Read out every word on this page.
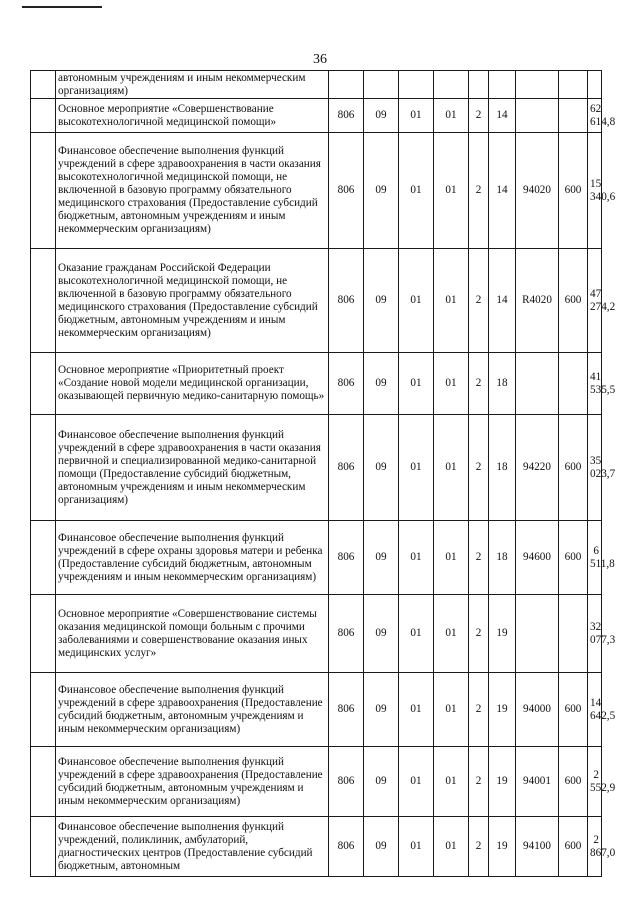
36
	автономным учреждениям и иным некоммерческим организациям)									
	Основное мероприятие «Совершенствование высокотехнологичной медицинской помощи»	806	09	01	01	2	14			62 614,8
	Финансовое обеспечение выполнения функций учреждений в сфере здравоохранения в части оказания высокотехнологичной медицинской помощи, не включенной в базовую программу обязательного медицинского страхования (Предоставление субсидий бюджетным, автономным учреждениям и иным некоммерческим организациям)	806	09	01	01	2	14	94020	600	15 340,6
	Оказание гражданам Российской Федерации высокотехнологичной медицинской помощи, не включенной в базовую программу обязательного медицинского страхования (Предоставление субсидий бюджетным, автономным учреждениям и иным некоммерческим организациям)	806	09	01	01	2	14	R4020	600	47 274,2
	Основное мероприятие «Приоритетный проект «Создание новой модели медицинской организации, оказывающей первичную медико-санитарную помощь»	806	09	01	01	2	18			41 535,5
	Финансовое обеспечение выполнения функций учреждений в сфере здравоохранения в части оказания первичной и специализированной медико-санитарной помощи (Предоставление субсидий бюджетным, автономным учреждениям и иным некоммерческим организациям)	806	09	01	01	2	18	94220	600	35 023,7
	Финансовое обеспечение выполнения функций учреждений в сфере охраны здоровья матери и ребенка (Предоставление субсидий бюджетным, автономным учреждениям и иным некоммерческим организациям)	806	09	01	01	2	18	94600	600	6 511,8
	Основное мероприятие «Совершенствование системы оказания медицинской помощи больным с прочими заболеваниями и совершенствование оказания иных медицинских услуг»	806	09	01	01	2	19			32 077,3
	Финансовое обеспечение выполнения функций учреждений в сфере здравоохранения (Предоставление субсидий бюджетным, автономным учреждениям и иным некоммерческим организациям)	806	09	01	01	2	19	94000	600	14 642,5
	Финансовое обеспечение выполнения функций учреждений в сфере здравоохранения (Предоставление субсидий бюджетным, автономным учреждениям и иным некоммерческим организациям)	806	09	01	01	2	19	94001	600	2 552,9
	Финансовое обеспечение выполнения функций учреждений, поликлиник, амбулаторий, диагностических центров (Предоставление субсидий бюджетным, автономным	806	09	01	01	2	19	94100	600	2 867,0
